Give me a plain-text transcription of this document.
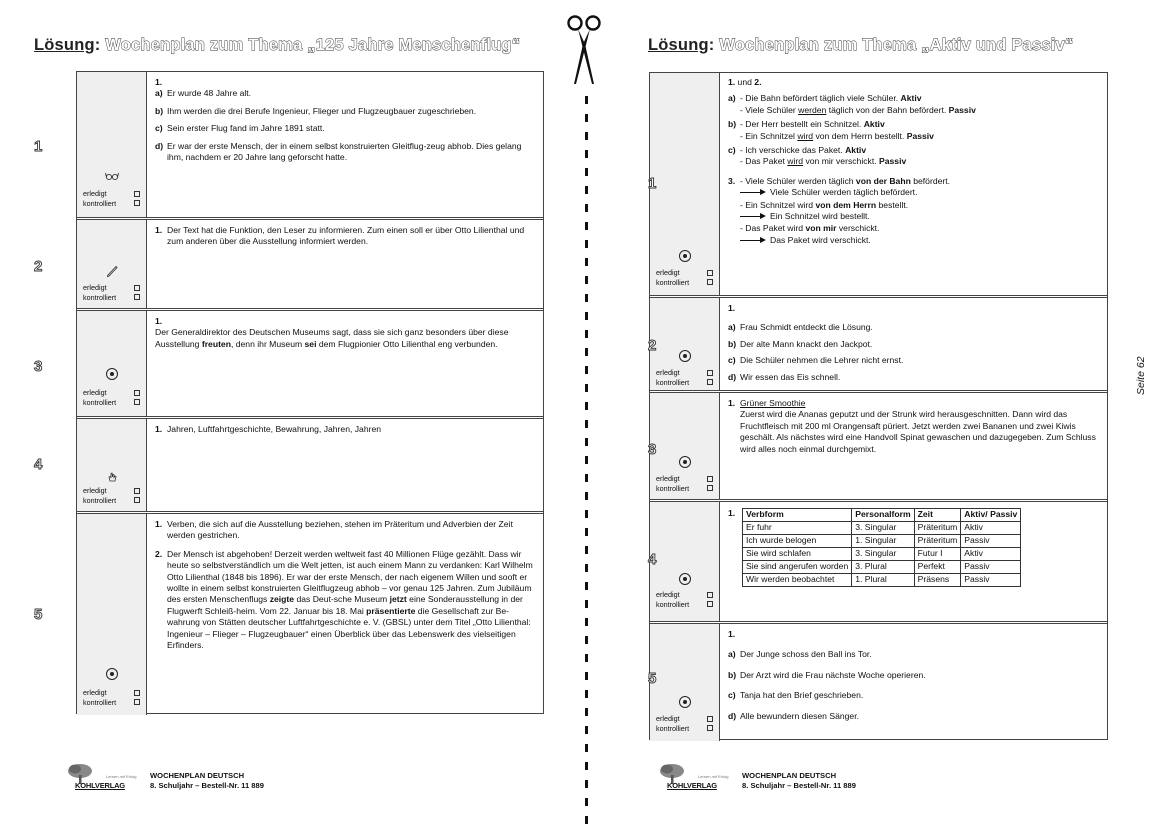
Lösung: Wochenplan zum Thema „125 Jahre Menschenflug“
erledigt
kontrolliert
1.
a) Er wurde 48 Jahre alt.
b) Ihm werden die drei Berufe Ingenieur, Flieger und Flugzeugbauer zugeschrieben.
c) Sein erster Flug fand im Jahre 1891 statt.
d) Er war der erste Mensch, der in einem selbst konstruierten Gleitflug-zeug abhob. Dies gelang ihm, nachdem er 20 Jahre lang geforscht hatte.
erledigt
kontrolliert
1. Der Text hat die Funktion, den Leser zu informieren. Zum einen soll er über Otto Lilienthal und zum anderen über die Ausstellung informiert werden.
erledigt
kontrolliert
1.
Der Generaldirektor des Deutschen Museums sagt, dass sie sich ganz besonders über diese Ausstellung freuten, denn ihr Museum sei dem Flugpionier Otto Lilienthal eng verbunden.
erledigt
kontrolliert
1. Jahren, Luftfahrtgeschichte, Bewahrung, Jahren, Jahren
erledigt
kontrolliert
1. Verben, die sich auf die Ausstellung beziehen, stehen im Präteritum und Adverbien der Zeit werden gestrichen.
2. Der Mensch ist abgehoben! Derzeit werden weltweit fast 40 Millionen Flüge gezählt. Dass wir heute so selbstverständlich um die Welt jetten, ist auch einem Mann zu verdanken: Karl Wilhelm Otto Lilienthal (1848 bis 1896). Er war der erste Mensch, der nach eigenem Willen und sooft er wollte in einem selbst konstruierten Gleitflugzeug abhob – vor genau 125 Jahren. Zum Jubiläum des ersten Menschenflugs zeigte das Deut-sche Museum jetzt eine Sonderausstellung in der Flugwerft Schleiß-heim. Vom 22. Januar bis 18. Mai präsentierte die Gesellschaft zur Be-wahrung von Stätten deutscher Luftfahrtgeschichte e. V. (GBSL) unter dem Titel „Otto Lilienthal: Ingenieur – Flieger – Flugzeugbauer“ einen Überblick über das Lebenswerk des vielseitigen Erfinders.
1
2
3
4
5
Lernen mit Erfolg
KOHLVERLAG
WOCHENPLAN DEUTSCH
8. Schuljahr – Bestell-Nr. 11 889
Lösung: Wochenplan zum Thema „Aktiv und Passiv“
erledigt
kontrolliert
1. und 2.
a) - Die Bahn befördert täglich viele Schüler. Aktiv
- Viele Schüler werden täglich von der Bahn befördert. Passiv
b) - Der Herr bestellt ein Schnitzel. Aktiv
- Ein Schnitzel wird von dem Herrn bestellt. Passiv
c) - Ich verschicke das Paket. Aktiv
- Das Paket wird von mir verschickt. Passiv
3. - Viele Schüler werden täglich von der Bahn befördert.
Viele Schüler werden täglich befördert.
- Ein Schnitzel wird von dem Herrn bestellt.
Ein Schnitzel wird bestellt.
- Das Paket wird von mir verschickt.
Das Paket wird verschickt.
erledigt
kontrolliert
1.
a) Frau Schmidt entdeckt die Lösung.
b) Der alte Mann knackt den Jackpot.
c) Die Schüler nehmen die Lehrer nicht ernst.
d) Wir essen das Eis schnell.
erledigt
kontrolliert
1. Grüner Smoothie
Zuerst wird die Ananas geputzt und der Strunk wird herausgeschnitten. Dann wird das Fruchtfleisch mit 200 ml Orangensaft püriert. Jetzt werden zwei Bananen und zwei Kiwis geschält. Als nächstes wird eine Handvoll Spinat gewaschen und dazugegeben. Zum Schluss wird alles noch einmal durchgemixt.
erledigt
kontrolliert
1. Verbform	Personalform	Zeit	Aktiv/ Passiv
Er fuhr	3. Singular	Präteritum	Aktiv
Ich wurde belogen	1. Singular	Präteritum	Passiv
Sie wird schlafen	3. Singular	Futur I	Aktiv
Sie sind angerufen worden	3. Plural	Perfekt	Passiv
Wir werden beobachtet	1. Plural	Präsens	Passiv
erledigt
kontrolliert
1.
a) Der Junge schoss den Ball ins Tor.
b) Der Arzt wird die Frau nächste Woche operieren.
c) Tanja hat den Brief geschrieben.
d) Alle bewundern diesen Sänger.
1
2
3
4
5
Lernen mit Erfolg
KOHLVERLAG
WOCHENPLAN DEUTSCH
8. Schuljahr – Bestell-Nr. 11 889
Seite 62
